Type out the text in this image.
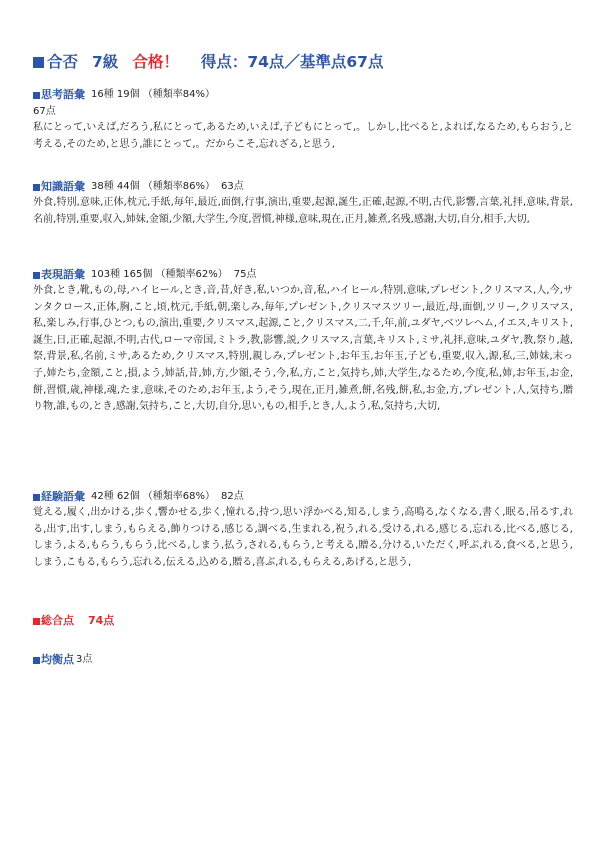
合否 7級 合格！ 得点：74点／基準点67点
思考語彙 16種 19個 （種類率84%）
67点
私にとって,いえば,だろう,私にとって,あるため,いえば,子どもにとって,。しかし,比べると,よれば,なるため,もらおう,と考える,そのため,と思う,誰にとって,。だからこそ,忘れざる,と思う,
知識語彙 38種 44個 （種類率86%） 63点
外食,特別,意味,正体,枕元,手紙,毎年,最近,面倒,行事,演出,重要,起源,誕生,正確,起源,不明,古代,影響,言葉,礼拝,意味,背景,名前,特別,重要,収入,姉妹,金額,少額,大学生,今度,習慣,神様,意味,現在,正月,雑煮,名残,感謝,大切,自分,相手,大切,
表現語彙 103種 165個 （種類率62%） 75点
外食,とき,靴,もの,母,ハイヒール,とき,音,昔,好き,私,いつか,音,私,ハイヒール,特別,意味,プレゼント,クリスマス,人,今,サンタクロース,正体,胸,こと,頃,枕元,手紙,朝,楽しみ,毎年,プレゼント,クリスマスツリー,最近,母,面倒,ツリー,クリスマス,私,楽しみ,行事,ひとつ,もの,演出,重要,クリスマス,起源,こと,クリスマス,二,千,年,前,ユダヤ,ベツレヘム,イエス,キリスト,誕生,日,正確,起源,不明,古代,ローマ帝国,ミトラ,教,影響,説,クリスマス,言葉,キリスト,ミサ,礼拝,意味,ユダヤ,教,祭り,越,祭,背景,私,名前,ミサ,あるため,クリスマス,特別,親しみ,プレゼント,お年玉,お年玉,子ども,重要,収入,源,私,三,姉妹,末っ子,姉たち,金額,こと,損,よう,姉話,昔,姉,方,少額,そう,今,私,方,こと,気持ち,姉,大学生,なるため,今度,私,姉,お年玉,お金,餅,習慣,歳,神様,魂,たま,意味,そのため,お年玉,よう,そう,現在,正月,雑煮,餅,名残,餅,私,お金,方,プレゼント,人,気持ち,贈り物,誰,もの,とき,感謝,気持ち,こと,大切,自分,思い,もの,相手,とき,人,よう,私,気持ち,大切,
経験語彙 42種 62個 （種類率68%） 82点
覚える,履く,出かける,歩く,響かせる,歩く,憧れる,持つ,思い浮かべる,知る,しまう,高鳴る,なくなる,書く,眠る,吊るす,れる,出す,出す,しまう,もらえる,飾りつける,感じる,調べる,生まれる,祝う,れる,受ける,れる,感じる,忘れる,比べる,感じる,しまう,よる,もらう,もらう,比べる,しまう,払う,される,もらう,と考える,贈る,分ける,いただく,呼ぶ,れる,食べる,と思う,しまう,こもる,もらう,忘れる,伝える,込める,贈る,喜ぶ,れる,もらえる,あげる,と思う,
総合点 74点
均衡点 3点
